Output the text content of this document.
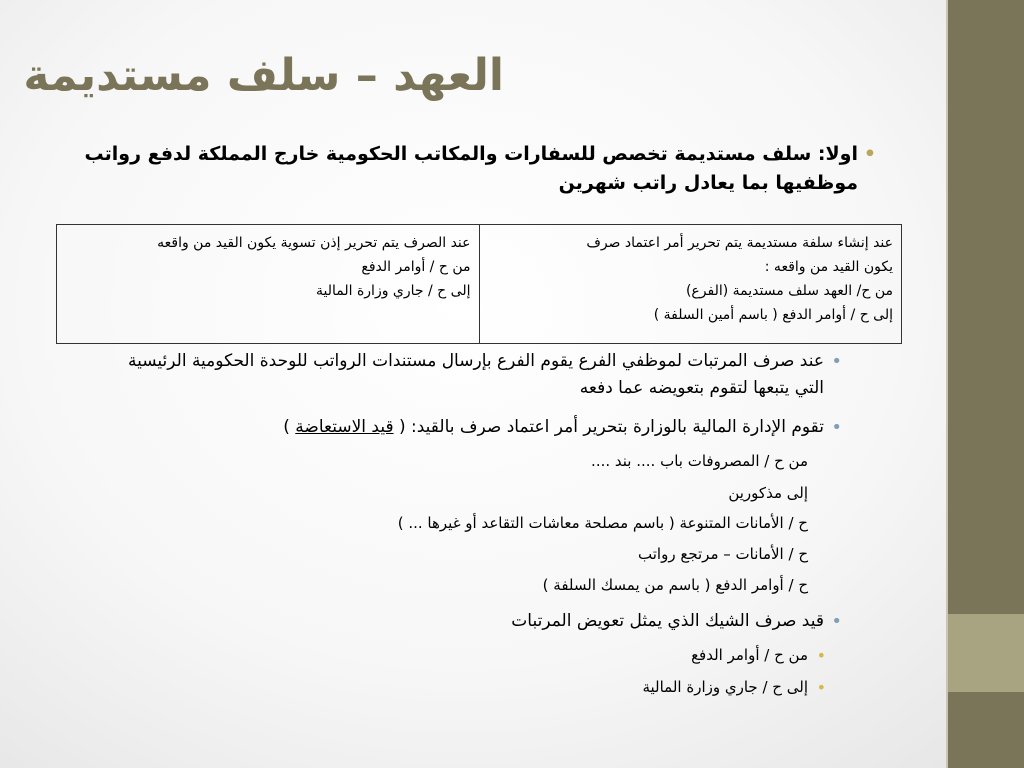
العهد – سلف مستديمة
• اولا: سلف مستديمة تخصص للسفارات والمكاتب الحكومية خارج المملكة لدفع رواتب موظفيها بما يعادل راتب شهرين
عند إنشاء سلفة مستديمة يتم تحرير أمر اعتماد صرف
يكون القيد من واقعه :
من ح/ العهد سلف مستديمة (الفرع)
إلى ح / أوامر الدفع ( باسم أمين السلفة )
عند الصرف يتم تحرير إذن تسوية يكون القيد من واقعه
من ح / أوامر الدفع
إلى ح / جاري وزارة المالية
• عند صرف المرتبات لموظفي الفرع يقوم الفرع بإرسال مستندات الرواتب للوحدة الحكومية الرئيسية التي يتبعها لتقوم بتعويضه عما دفعه
• تقوم الإدارة المالية بالوزارة بتحرير أمر اعتماد صرف بالقيد: ( قيد الاستعاضة )
من ح / المصروفات باب .... بند ....
إلى مذكورين
ح / الأمانات المتنوعة ( باسم مصلحة معاشات التقاعد أو غيرها ... )
ح / الأمانات – مرتجع رواتب
ح / أوامر الدفع ( باسم من يمسك السلفة )
• قيد صرف الشيك الذي يمثل تعويض المرتبات
• من ح / أوامر الدفع
• إلى ح / جاري وزارة المالية
